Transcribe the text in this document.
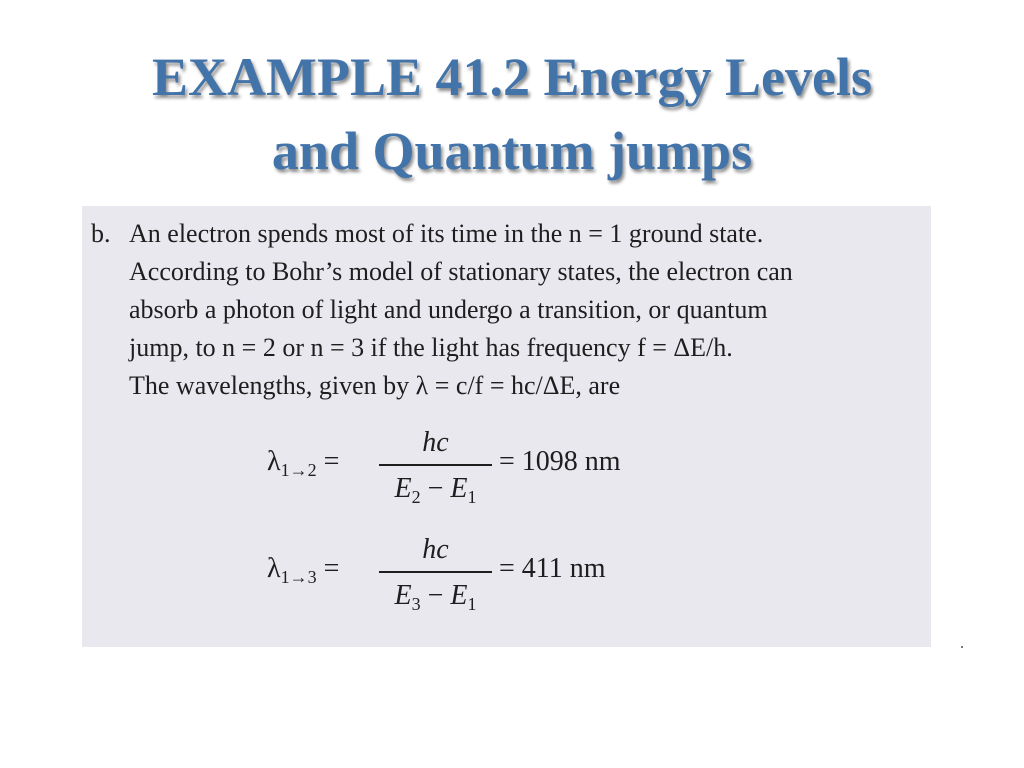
EXAMPLE 41.2 Energy Levels
and Quantum jumps
b. An electron spends most of its time in the n = 1 ground state.
According to Bohr’s model of stationary states, the electron can
absorb a photon of light and undergo a transition, or quantum
jump, to n = 2 or n = 3 if the light has frequency f = ΔE/h.
The wavelengths, given by λ = c/f = hc/ΔE, are
$\lambda_{1\to 2}$ =
hc
$E_2 - E_1$
= 1098 nm
$\lambda_{1\to 3}$ =
hc
$E_3 - E_1$
= 411 nm
